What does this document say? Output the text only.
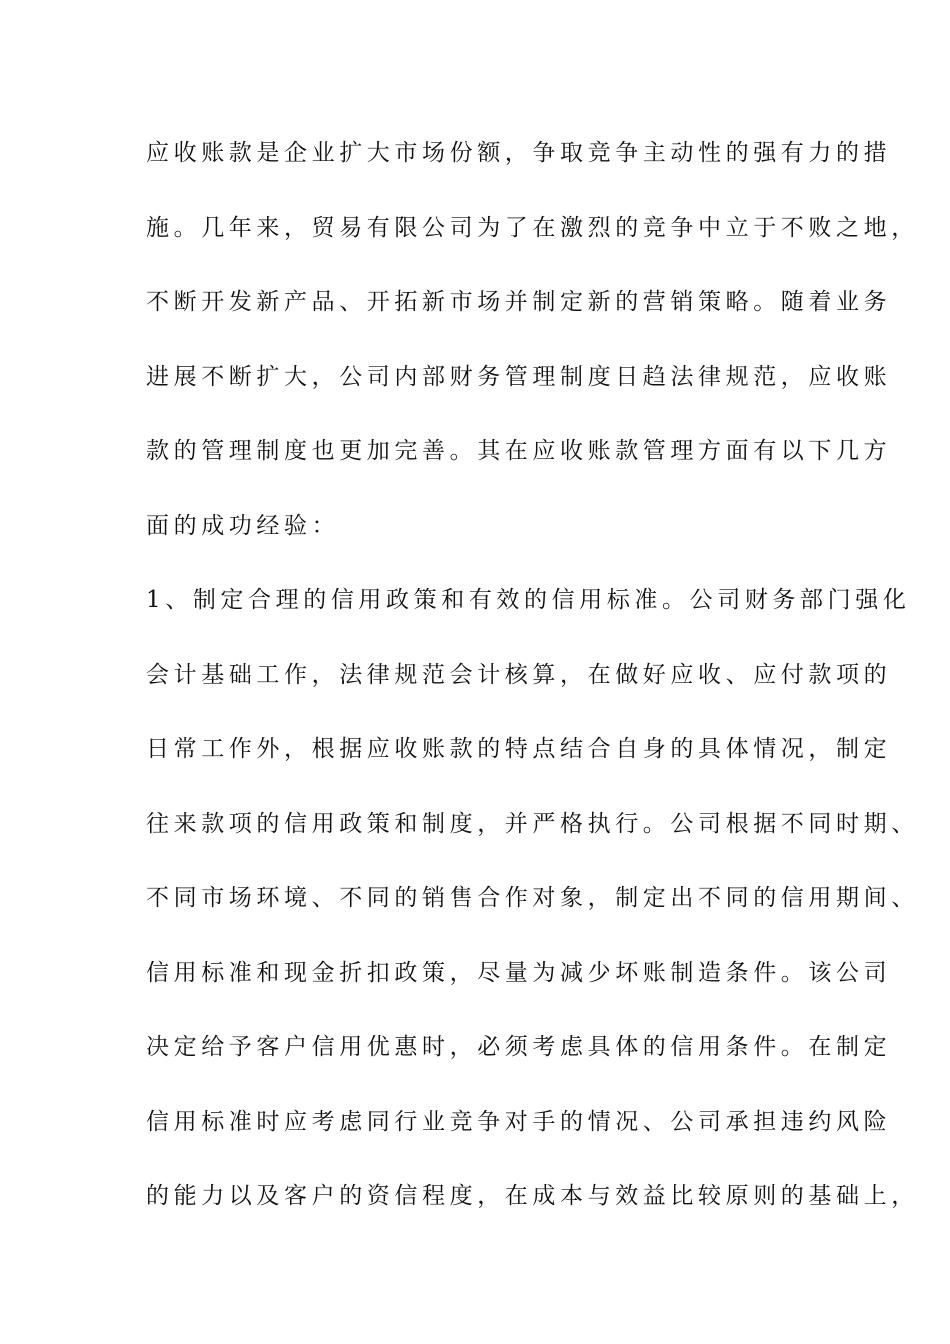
应收账款是企业扩大市场份额，争取竞争主动性的强有力的措
施。几年来，贸易有限公司为了在激烈的竞争中立于不败之地，
不断开发新产品、开拓新市场并制定新的营销策略。随着业务
进展不断扩大，公司内部财务管理制度日趋法律规范，应收账
款的管理制度也更加完善。其在应收账款管理方面有以下几方
面的成功经验：
1、制定合理的信用政策和有效的信用标准。公司财务部门强化
会计基础工作，法律规范会计核算，在做好应收、应付款项的
日常工作外，根据应收账款的特点结合自身的具体情况，制定
往来款项的信用政策和制度，并严格执行。公司根据不同时期、
不同市场环境、不同的销售合作对象，制定出不同的信用期间、
信用标准和现金折扣政策，尽量为减少坏账制造条件。该公司
决定给予客户信用优惠时，必须考虑具体的信用条件。在制定
信用标准时应考虑同行业竞争对手的情况、公司承担违约风险
的能力以及客户的资信程度，在成本与效益比较原则的基础上，
